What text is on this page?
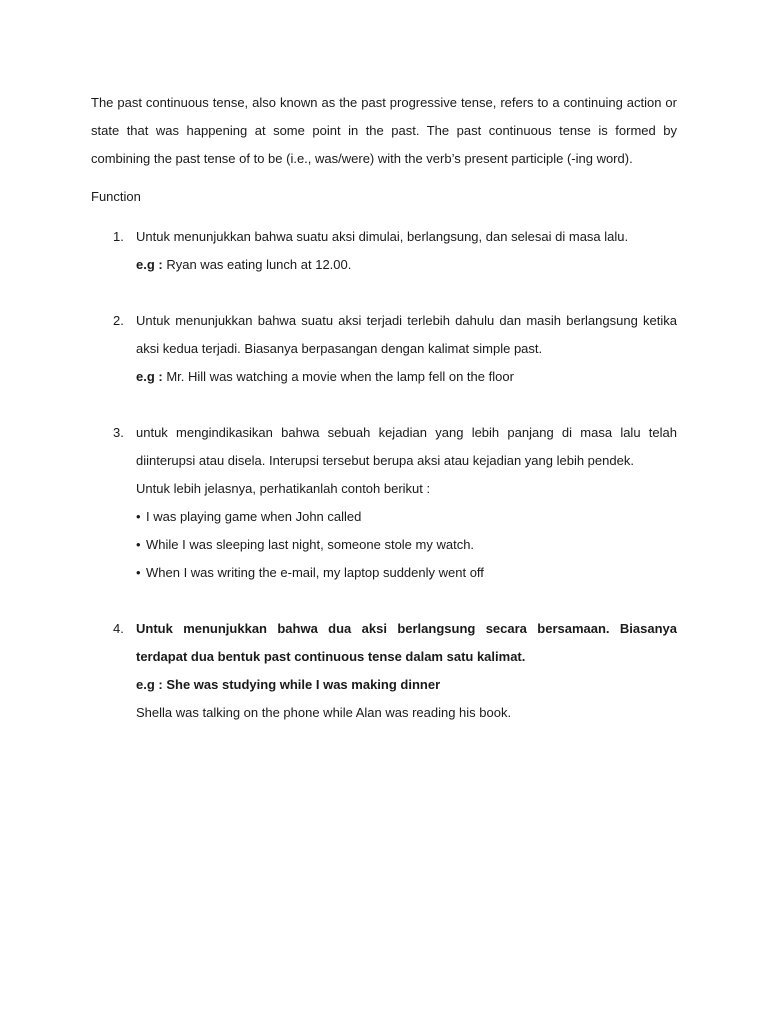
The past continuous tense, also known as the past progressive tense, refers to a continuing action or state that was happening at some point in the past. The past continuous tense is formed by combining the past tense of to be (i.e., was/were) with the verb’s present participle (-ing word).

Function

1. Untuk menunjukkan bahwa suatu aksi dimulai, berlangsung, dan selesai di masa lalu.

e.g : Ryan was eating lunch at 12.00.

2. Untuk menunjukkan bahwa suatu aksi terjadi terlebih dahulu dan masih berlangsung ketika aksi kedua terjadi. Biasanya berpasangan dengan kalimat simple past.

e.g : Mr. Hill was watching a movie when the lamp fell on the floor

3. untuk mengindikasikan bahwa sebuah kejadian yang lebih panjang di masa lalu telah diinterupsi atau disela. Interupsi tersebut berupa aksi atau kejadian yang lebih pendek.

Untuk lebih jelasnya, perhatikanlah contoh berikut :

• I was playing game when John called
• While I was sleeping last night, someone stole my watch.
• When I was writing the e-mail, my laptop suddenly went off
4. Untuk menunjukkan bahwa dua aksi berlangsung secara bersamaan. Biasanya terdapat dua bentuk past continuous tense dalam satu kalimat.

e.g : She was studying while I was making dinner

Shella was talking on the phone while Alan was reading his book.
